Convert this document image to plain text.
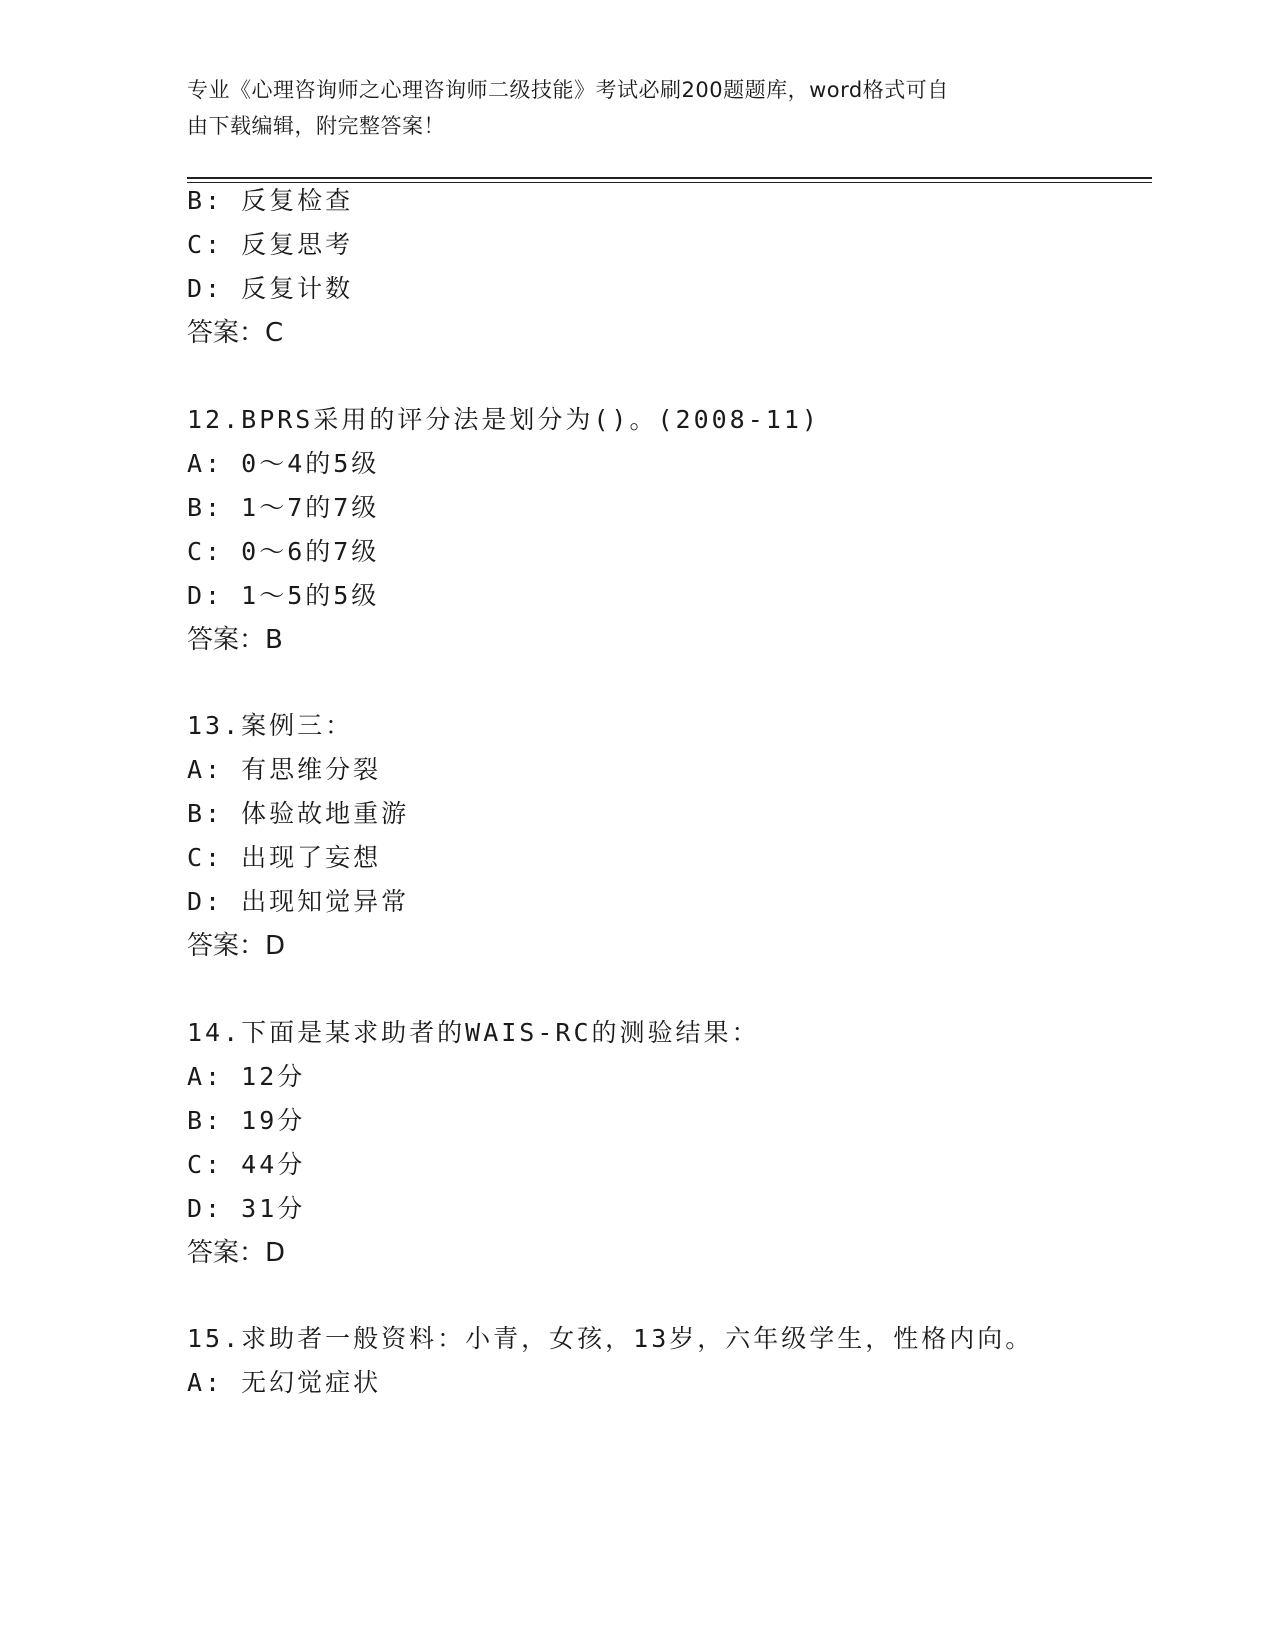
专业《心理咨询师之心理咨询师二级技能》考试必刷200题题库，word格式可自
由下载编辑，附完整答案！
B: 反复检查
C: 反复思考
D: 反复计数
答案：C
12.BPRS采用的评分法是划分为()。(2008-11)
A: 0～4的5级
B: 1～7的7级
C: 0～6的7级
D: 1～5的5级
答案：B
13.案例三：
A: 有思维分裂
B: 体验故地重游
C: 出现了妄想
D: 出现知觉异常
答案：D
14.下面是某求助者的WAIS-RC的测验结果：
A: 12分
B: 19分
C: 44分
D: 31分
答案：D
15.求助者一般资料：小青，女孩，13岁，六年级学生，性格内向。
A: 无幻觉症状
